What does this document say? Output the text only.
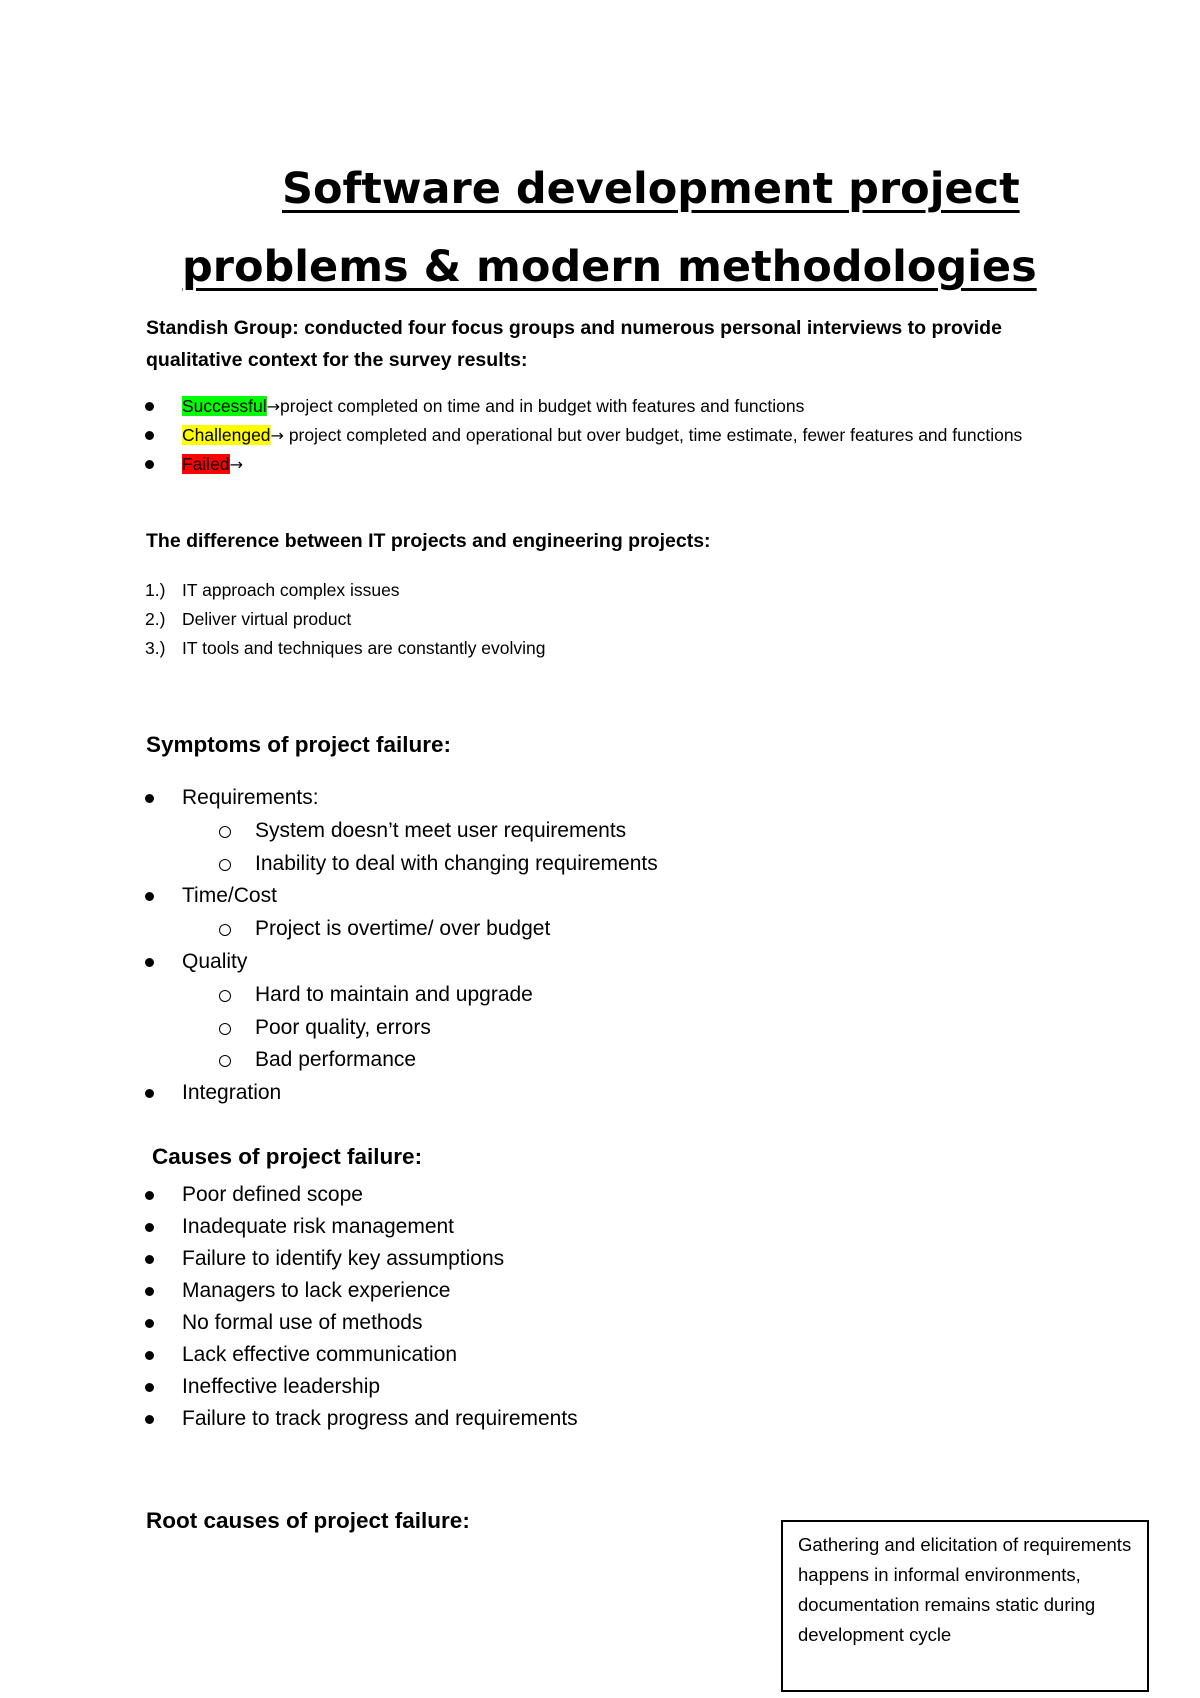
Software development project
problems & modern methodologies

Standish Group: conducted four focus groups and numerous personal interviews to provide qualitative context for the survey results:

Successful→project completed on time and in budget with features and functions
Challenged→ project completed and operational but over budget, time estimate, fewer features and functions
Failed→

The difference between IT projects and engineering projects:

1.) IT approach complex issues
2.) Deliver virtual product
3.) IT tools and techniques are constantly evolving

Symptoms of project failure:

Requirements:
System doesn’t meet user requirements
Inability to deal with changing requirements
Time/Cost
Project is overtime/ over budget
Quality
Hard to maintain and upgrade
Poor quality, errors
Bad performance
Integration

Causes of project failure:

Poor defined scope
Inadequate risk management
Failure to identify key assumptions
Managers to lack experience
No formal use of methods
Lack effective communication
Ineffective leadership
Failure to track progress and requirements

Root causes of project failure:

Gathering and elicitation of requirements happens in informal environments, documentation remains static during development cycle
